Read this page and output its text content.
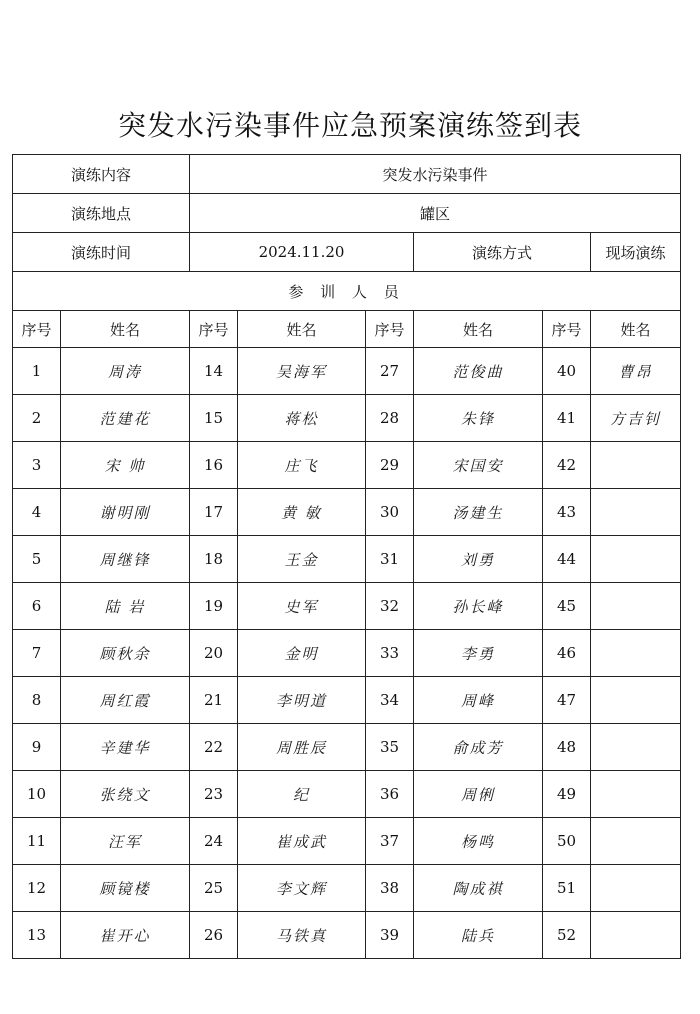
突发水污染事件应急预案演练签到表
演练内容		突发水污染事件					
演练地点		罐区					
演练时间		2024.11.20			演练方式		现场演练
参 训 人 员							
序号	姓名	序号	姓名	序号	姓名	序号	姓名
1	周涛	14	吴海军	27	范俊曲	40	曹昂
2	范建花	15	蒋松	28	朱锋	41	方吉钊
3	宋 帅	16	庄飞	29	宋国安	42	
4	谢明刚	17	黄 敏	30	汤建生	43	
5	周继锋	18	王金	31	刘勇	44	
6	陆 岩	19	史军	32	孙长峰	45	
7	顾秋余	20	金明	33	李勇	46	
8	周红霞	21	李明道	34	周峰	47	
9	辛建华	22	周胜辰	35	俞成芳	48	
10	张绕文	23	纪	36	周俐	49	
11	汪军	24	崔成武	37	杨鸣	50	
12	顾镜楼	25	李文辉	38	陶成祺	51	
13	崔开心	26	马铁真	39	陆兵	52	
